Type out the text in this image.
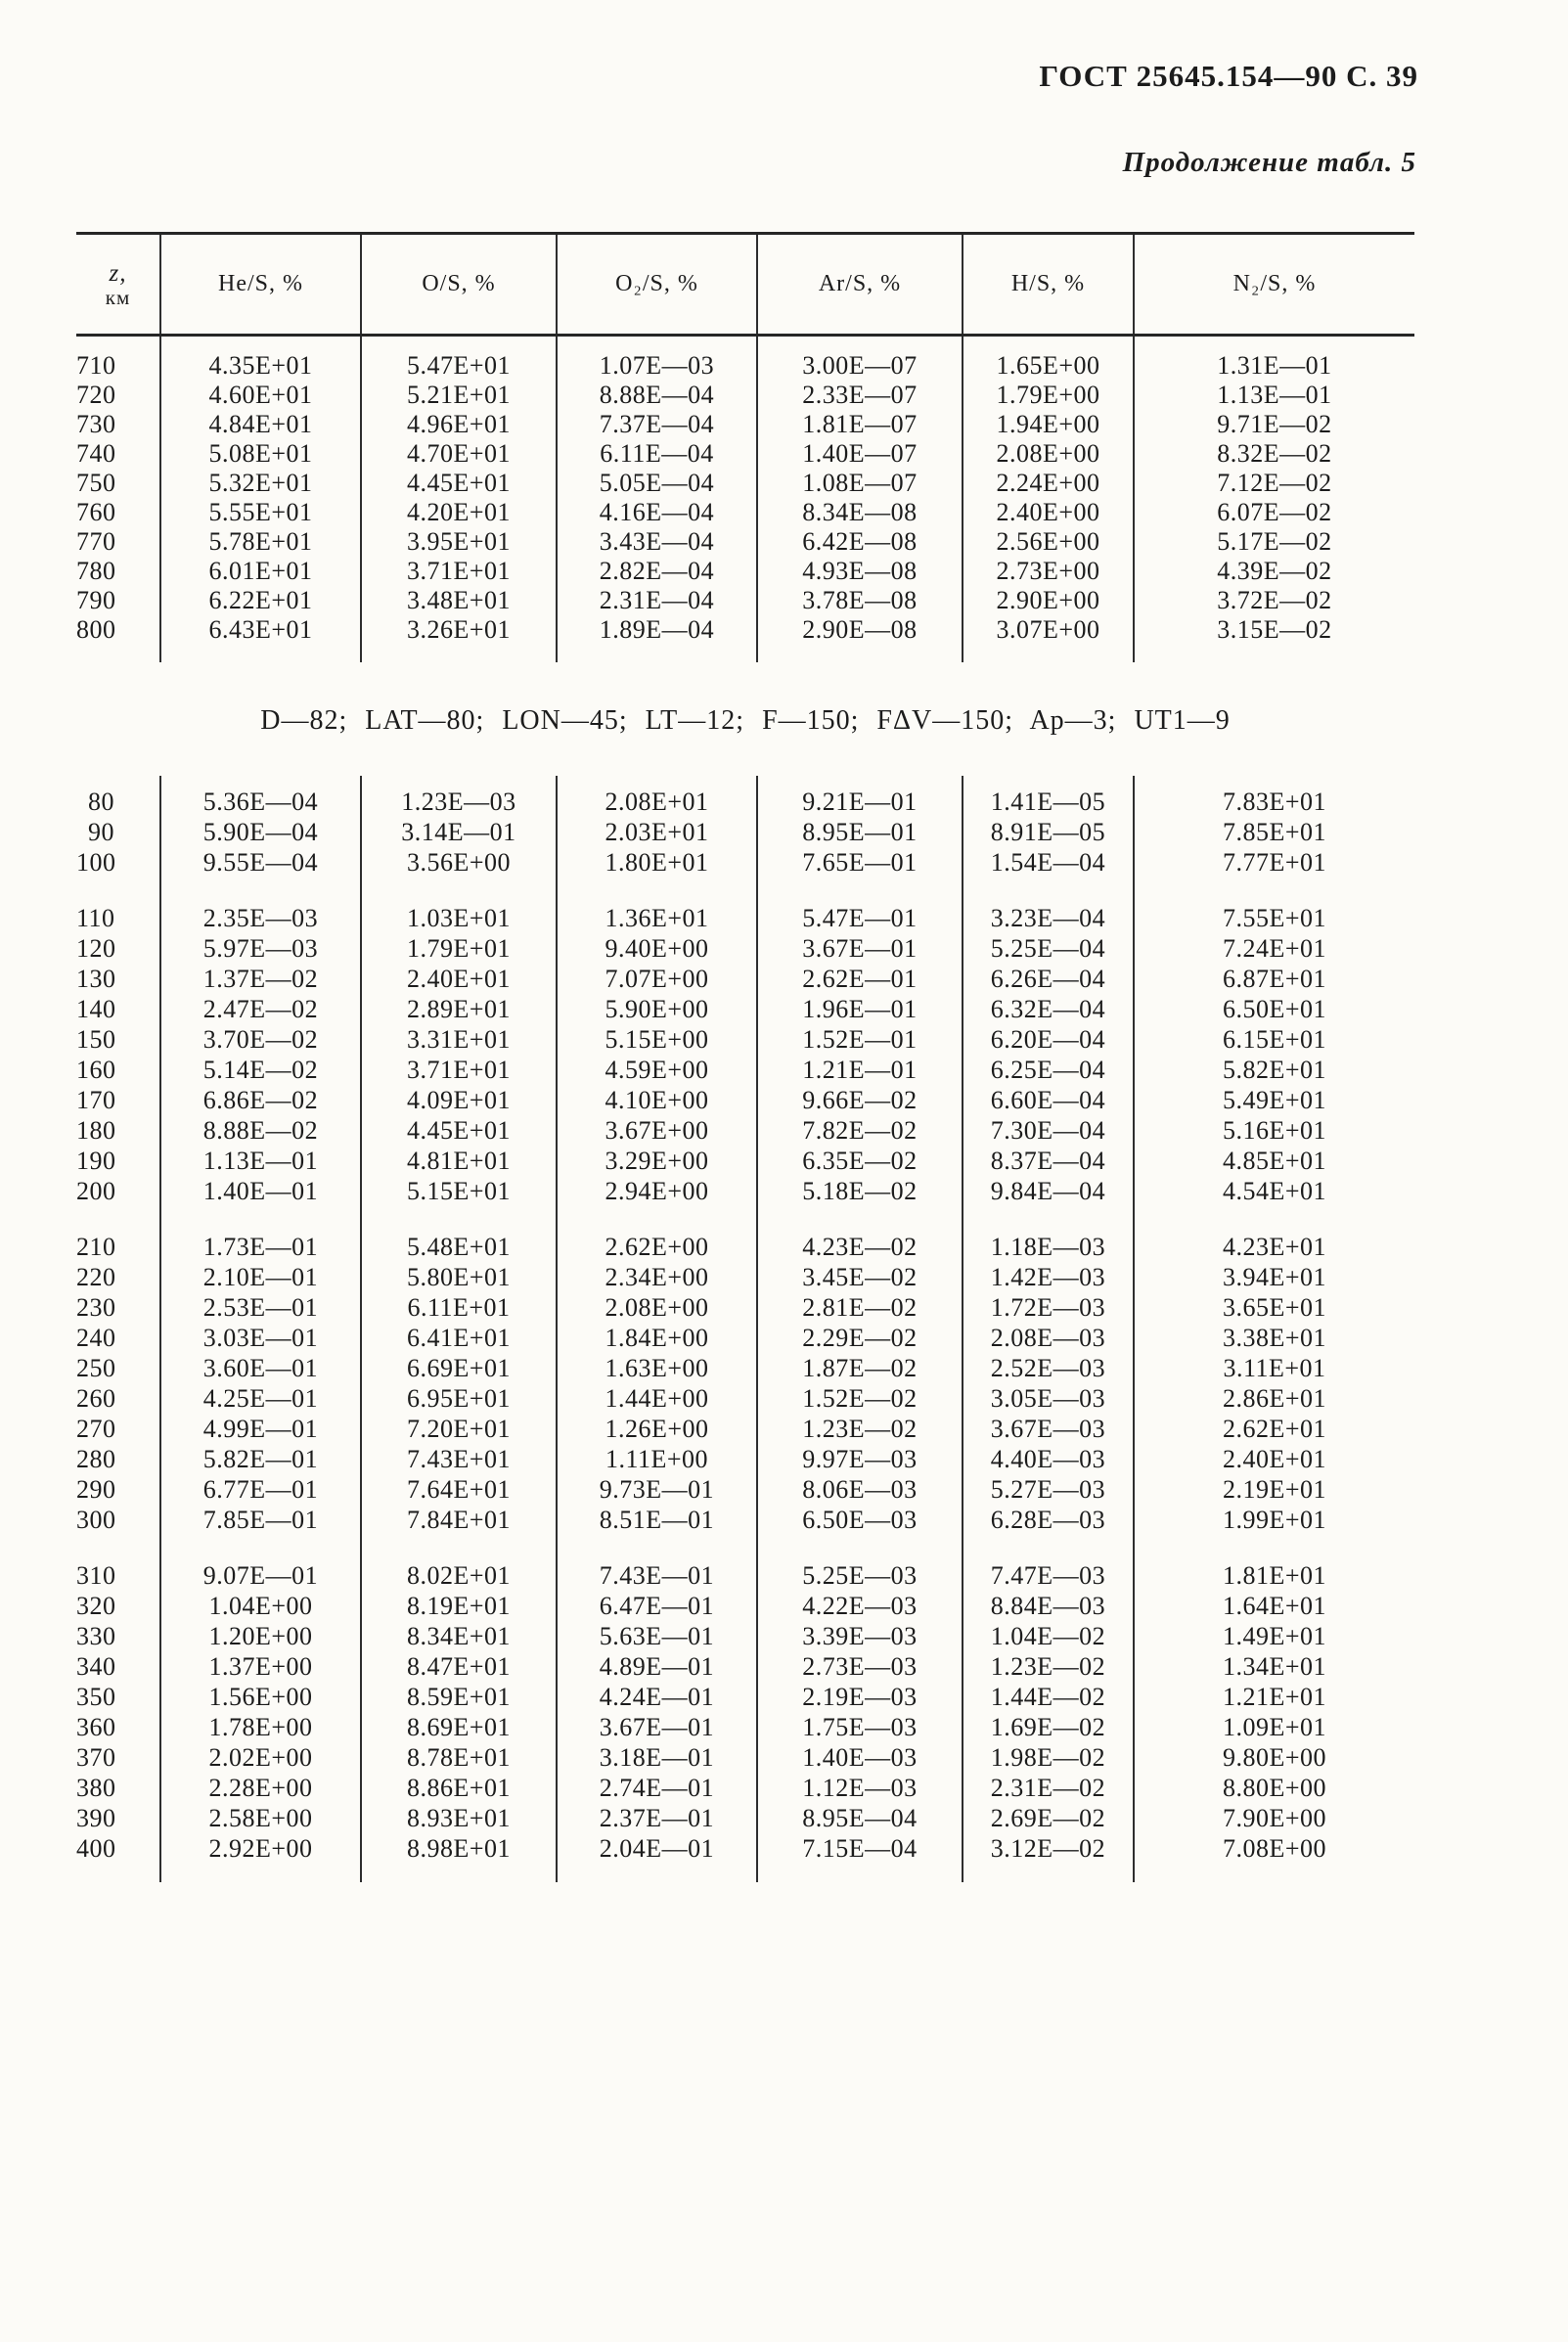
ГОСТ 25645.154—90 С. 39
Продолжение табл. 5
z,
км	He/S, %	O/S, %	O₂/S, %	Ar/S, %	H/S, %	N₂/S, %

710	4.35E+01	5.47E+01	1.07E—03	3.00E—07	1.65E+00	1.31E—01
720	4.60E+01	5.21E+01	8.88E—04	2.33E—07	1.79E+00	1.13E—01
730	4.84E+01	4.96E+01	7.37E—04	1.81E—07	1.94E+00	9.71E—02
740	5.08E+01	4.70E+01	6.11E—04	1.40E—07	2.08E+00	8.32E—02
750	5.32E+01	4.45E+01	5.05E—04	1.08E—07	2.24E+00	7.12E—02
760	5.55E+01	4.20E+01	4.16E—04	8.34E—08	2.40E+00	6.07E—02
770	5.78E+01	3.95E+01	3.43E—04	6.42E—08	2.56E+00	5.17E—02
780	6.01E+01	3.71E+01	2.82E—04	4.93E—08	2.73E+00	4.39E—02
790	6.22E+01	3.48E+01	2.31E—04	3.78E—08	2.90E+00	3.72E—02
800	6.43E+01	3.26E+01	1.89E—04	2.90E—08	3.07E+00	3.15E—02

D—82; LAT—80; LON—45; LT—12; F—150; FΔV—150; Ap—3; UT1—9

80	5.36E—04	1.23E—03	2.08E+01	9.21E—01	1.41E—05	7.83E+01
90	5.90E—04	3.14E—01	2.03E+01	8.95E—01	8.91E—05	7.85E+01
100	9.55E—04	3.56E+00	1.80E+01	7.65E—01	1.54E—04	7.77E+01

110	2.35E—03	1.03E+01	1.36E+01	5.47E—01	3.23E—04	7.55E+01
120	5.97E—03	1.79E+01	9.40E+00	3.67E—01	5.25E—04	7.24E+01
130	1.37E—02	2.40E+01	7.07E+00	2.62E—01	6.26E—04	6.87E+01
140	2.47E—02	2.89E+01	5.90E+00	1.96E—01	6.32E—04	6.50E+01
150	3.70E—02	3.31E+01	5.15E+00	1.52E—01	6.20E—04	6.15E+01
160	5.14E—02	3.71E+01	4.59E+00	1.21E—01	6.25E—04	5.82E+01
170	6.86E—02	4.09E+01	4.10E+00	9.66E—02	6.60E—04	5.49E+01
180	8.88E—02	4.45E+01	3.67E+00	7.82E—02	7.30E—04	5.16E+01
190	1.13E—01	4.81E+01	3.29E+00	6.35E—02	8.37E—04	4.85E+01
200	1.40E—01	5.15E+01	2.94E+00	5.18E—02	9.84E—04	4.54E+01

210	1.73E—01	5.48E+01	2.62E+00	4.23E—02	1.18E—03	4.23E+01
220	2.10E—01	5.80E+01	2.34E+00	3.45E—02	1.42E—03	3.94E+01
230	2.53E—01	6.11E+01	2.08E+00	2.81E—02	1.72E—03	3.65E+01
240	3.03E—01	6.41E+01	1.84E+00	2.29E—02	2.08E—03	3.38E+01
250	3.60E—01	6.69E+01	1.63E+00	1.87E—02	2.52E—03	3.11E+01
260	4.25E—01	6.95E+01	1.44E+00	1.52E—02	3.05E—03	2.86E+01
270	4.99E—01	7.20E+01	1.26E+00	1.23E—02	3.67E—03	2.62E+01
280	5.82E—01	7.43E+01	1.11E+00	9.97E—03	4.40E—03	2.40E+01
290	6.77E—01	7.64E+01	9.73E—01	8.06E—03	5.27E—03	2.19E+01
300	7.85E—01	7.84E+01	8.51E—01	6.50E—03	6.28E—03	1.99E+01

310	9.07E—01	8.02E+01	7.43E—01	5.25E—03	7.47E—03	1.81E+01
320	1.04E+00	8.19E+01	6.47E—01	4.22E—03	8.84E—03	1.64E+01
330	1.20E+00	8.34E+01	5.63E—01	3.39E—03	1.04E—02	1.49E+01
340	1.37E+00	8.47E+01	4.89E—01	2.73E—03	1.23E—02	1.34E+01
350	1.56E+00	8.59E+01	4.24E—01	2.19E—03	1.44E—02	1.21E+01
360	1.78E+00	8.69E+01	3.67E—01	1.75E—03	1.69E—02	1.09E+01
370	2.02E+00	8.78E+01	3.18E—01	1.40E—03	1.98E—02	9.80E+00
380	2.28E+00	8.86E+01	2.74E—01	1.12E—03	2.31E—02	8.80E+00
390	2.58E+00	8.93E+01	2.37E—01	8.95E—04	2.69E—02	7.90E+00
400	2.92E+00	8.98E+01	2.04E—01	7.15E—04	3.12E—02	7.08E+00
